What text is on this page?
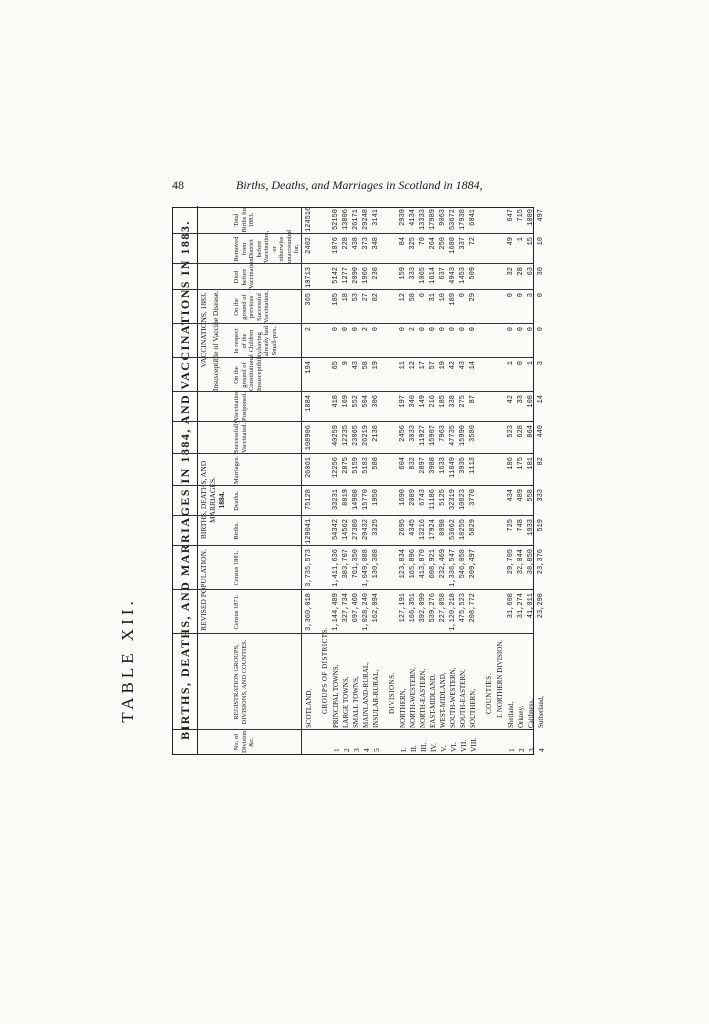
48	Births, Deaths, and Marriages in Scotland in 1884,
TABLE XII.	BIRTHS, DEATHS, AND MARRIAGES IN 1884, AND VACCINATIONS IN 1883. REVISED POPULATION.
BIRTHS, DEATHS, AND MARRIAGES.
VACCINATIONS, 1883.
1884.
Insusceptible of Vaccine Disease.
No. of Division, &c.
REGISTRATION GROUPS, DIVISIONS, AND COUNTIES.
Census 1871.
Census 1881.
Births.
Deaths.
Marriages.
Successfully Vaccinated.
Vaccination Postponed.
On the ground of Constitutional Insusceptibility.
In respect of the Children having already had Small-pox.
On the ground of previous Successful Vaccination.
Died before Vaccination.
Removed from District before Vaccination, or otherwise unaccounted for.
Total Births for 1883.
SCOTLAND,
3,360,018
3,735,573
129041
75128
26061
108906
1884
194
2
365
10713
2402
124516
GROUPS OF DISTRICTS.
1
PRINCIPAL TOWNS,
1,144,489
1,411,636
54342
33231
12256
40259
418
65
0
185
5142
1076
52150
2
LARGE TOWNS,
327,734
383,707
14562
8819
2875
12235
169
9
0
18
1277
228
13806
3
SMALL TOWNS,
697,460
761,350
27380
14908
5159
23065
552
43
0
53
2090
438
26171
4
MAINLAND-RURAL,
1,028,240
1,049,088
29432
15770
5183
26219
504
58
2
27
1966
373
29248
5
INSULAR-RURAL,
162,094
130,388
3325
1950
588
2138
306
19
0
82
238
348
3141
DIVISIONS.
I.
NORTHERN,
127,191
123,834
2695
1690
604
2456
197
11
0
12
159
84
2939
II.
NORTH-WESTERN,
166,351
165,896
4345
2089
832
3033
340
12
2
58
333
325
4134
III.
NORTH-EASTERN,
392,099
413,870
13216
6743
2897
11927
149
17
0
6
1065
70
13333
IV.
EAST-MIDLAND,
539,276
608,921
17924
11186
3988
15907
216
57
0
31
1614
264
17989
V.
WEST-MIDLAND,
227,058
232,469
8098
5125
1633
7963
185
19
0
10
637
250
9063
VI.
SOUTH-WESTERN,
1,120,218
1,336,547
53662
32319
11849
47735
338
42
0
189
4943
1680
53672
VII.
SOUTH-EASTERN,
475,523
546,058
18255
10823
3935
15990
275
43
0
0
1453
337
17938
VIII.
SOUTHERN,
208,772
209,497
5829
3770
1113
3580
87
14
0
29
509
72
6041
COUNTIES. I. NORTHERN DIVISION.
1
Shetland,
31,608
29,705
725
434
186
523
42
1
0
0
32
49
647
2
Orkney,
31,274
32,044
748
489
175
628
33
0
0
0
28
1
715
3
Caithness,
41,011
38,850
1033
558
181
864
108
1
0
3
63
15
1080
4
Sutherland,
23,298
23,376
519
333
82
440
14
3
0
0
30
10
497
